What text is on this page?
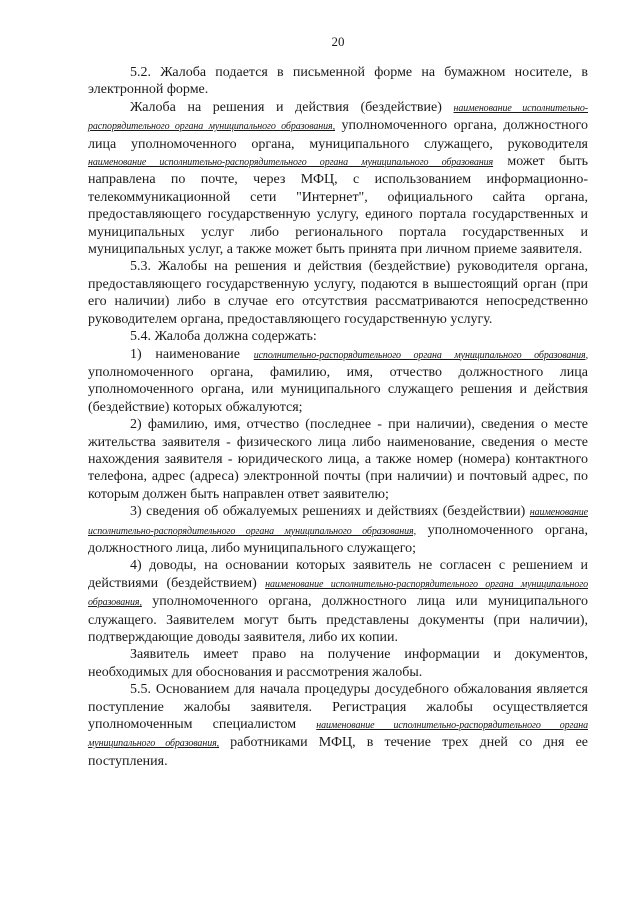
20

5.2. Жалоба подается в письменной форме на бумажном носителе, в электронной форме.

Жалоба на решения и действия (бездействие) наименование исполнительно-распорядительного органа муниципального образования, уполномоченного органа, должностного лица уполномоченного органа, муниципального служащего, руководителя наименование исполнительно-распорядительного органа муниципального образования может быть направлена по почте, через МФЦ, с использованием информационно-телекоммуникационной сети "Интернет", официального сайта органа, предоставляющего государственную услугу, единого портала государственных и муниципальных услуг либо регионального портала государственных и муниципальных услуг, а также может быть принята при личном приеме заявителя.

5.3. Жалобы на решения и действия (бездействие) руководителя органа, предоставляющего государственную услугу, подаются в вышестоящий орган (при его наличии) либо в случае его отсутствия рассматриваются непосредственно руководителем органа, предоставляющего государственную услугу.

5.4. Жалоба должна содержать:

1) наименование исполнительно-распорядительного органа муниципального образования, уполномоченного органа, фамилию, имя, отчество должностного лица уполномоченного органа, или муниципального служащего решения и действия (бездействие) которых обжалуются;

2) фамилию, имя, отчество (последнее - при наличии), сведения о месте жительства заявителя - физического лица либо наименование, сведения о месте нахождения заявителя - юридического лица, а также номер (номера) контактного телефона, адрес (адреса) электронной почты (при наличии) и почтовый адрес, по которым должен быть направлен ответ заявителю;

3) сведения об обжалуемых решениях и действиях (бездействии) наименование исполнительно-распорядительного органа муниципального образования, уполномоченного органа, должностного лица, либо муниципального служащего;

4) доводы, на основании которых заявитель не согласен с решением и действиями (бездействием) наименование исполнительно-распорядительного органа муниципального образования, уполномоченного органа, должностного лица или муниципального служащего. Заявителем могут быть представлены документы (при наличии), подтверждающие доводы заявителя, либо их копии.

Заявитель имеет право на получение информации и документов, необходимых для обоснования и рассмотрения жалобы.

5.5. Основанием для начала процедуры досудебного обжалования является поступление жалобы заявителя. Регистрация жалобы осуществляется уполномоченным специалистом наименование исполнительно-распорядительного органа муниципального образования, работниками МФЦ, в течение трех дней со дня ее поступления.
